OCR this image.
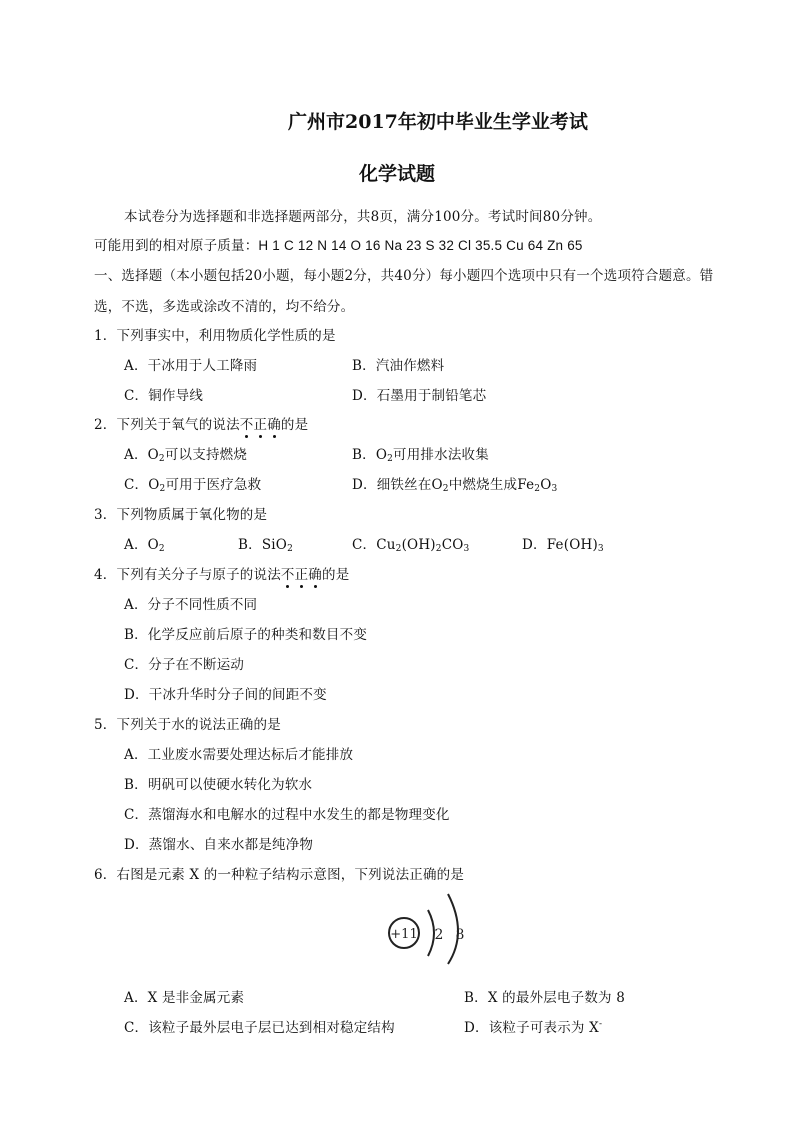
广州市2017年初中毕业生学业考试
化学试题
本试卷分为选择题和非选择题两部分，共8页，满分100分。考试时间80分钟。
可能用到的相对原子质量：H 1 C 12 N 14 O 16 Na 23 S 32 Cl 35.5 Cu 64 Zn 65
一、选择题（本小题包括20小题，每小题2分，共40分）每小题四个选项中只有一个选项符合题意。错
选，不选，多选或涂改不清的，均不给分。
1．下列事实中，利用物质化学性质的是
A．干冰用于人工降雨	B．汽油作燃料
C．铜作导线	D．石墨用于制铅笔芯
2．下列关于氧气的说法不正确的是
A．$O_2$可以支持燃烧	B．$O_2$可用排水法收集
C．$O_2$可用于医疗急救	D．细铁丝在$O_2$中燃烧生成$Fe_2O_3$
3．下列物质属于氧化物的是
A．$O_2$	B．SiO$_2$	C．$Cu_2(OH)_2CO_3$	D．$Fe(OH)_3$
4．下列有关分子与原子的说法不正确的是
A．分子不同性质不同
B．化学反应前后原子的种类和数目不变
C．分子在不断运动
D．干冰升华时分子间的间距不变
5．下列关于水的说法正确的是
A．工业废水需要处理达标后才能排放
B．明矾可以使硬水转化为软水
C．蒸馏海水和电解水的过程中水发生的都是物理变化
D．蒸馏水、自来水都是纯净物
6．右图是元素 X 的一种粒子结构示意图，下列说法正确的是
+11 2 8
A．X 是非金属元素	B．X 的最外层电子数为 8
C．该粒子最外层电子层已达到相对稳定结构	D．该粒子可表示为 X-
